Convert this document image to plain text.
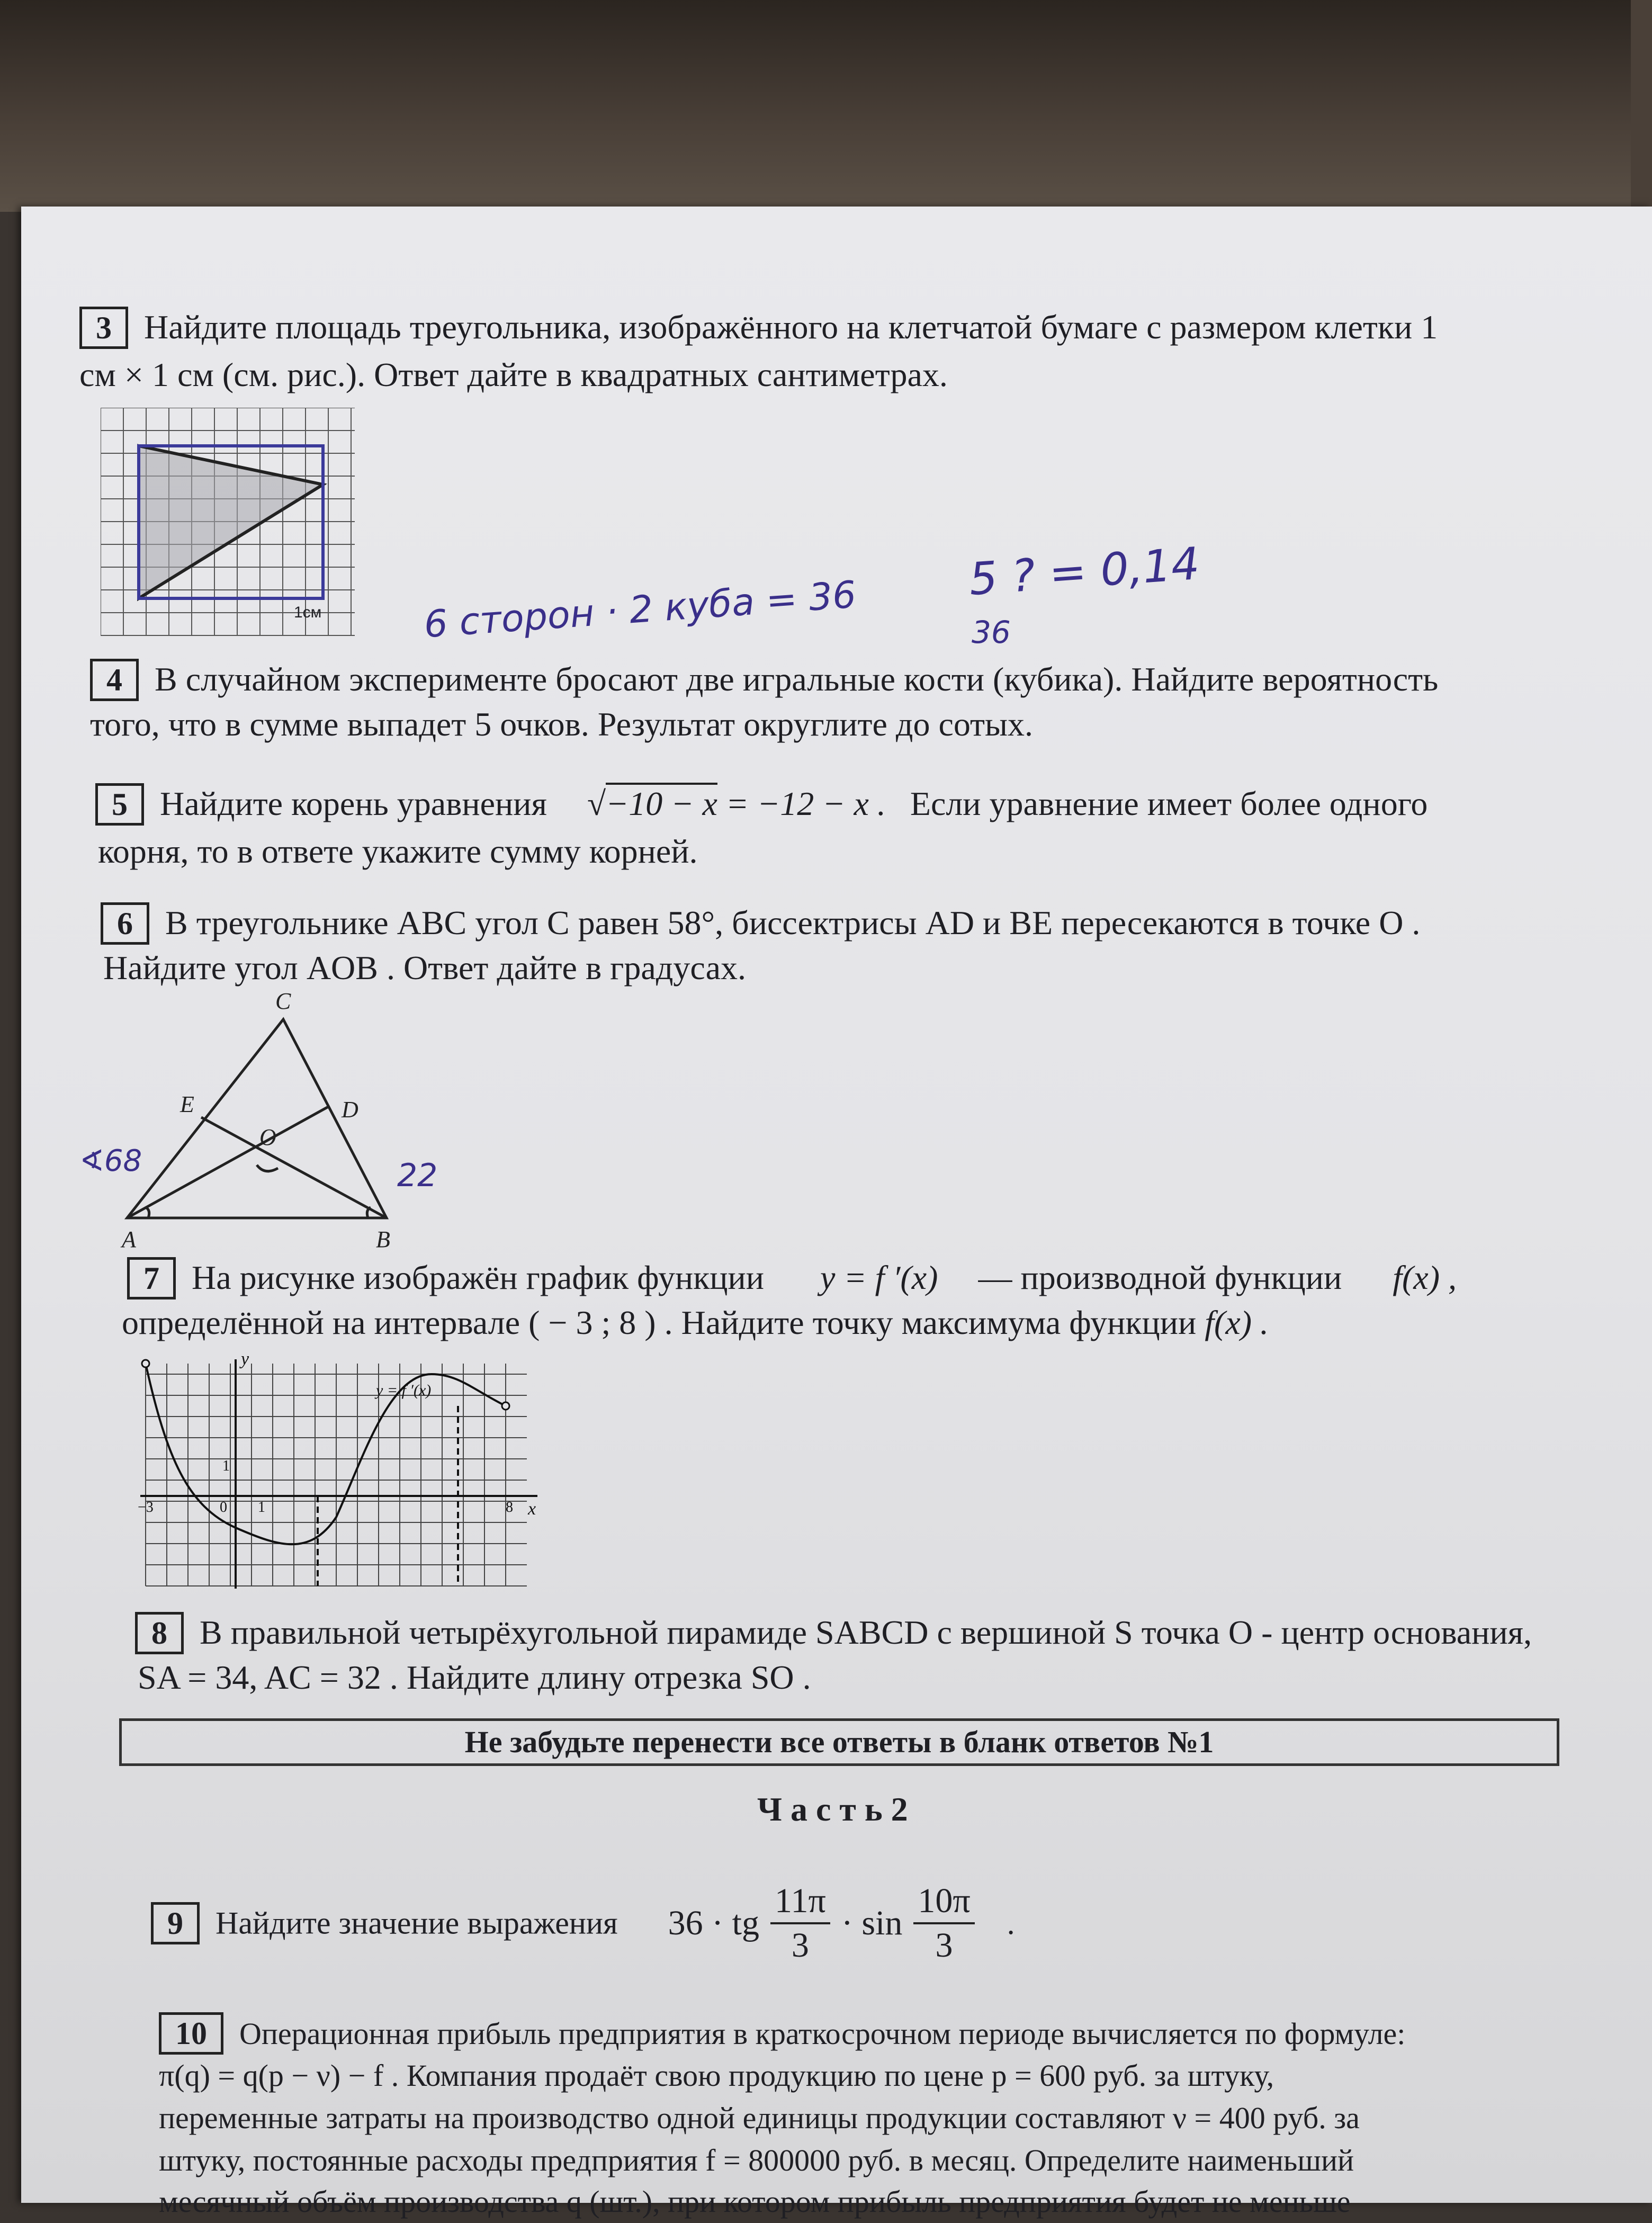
3 Найдите площадь треугольника, изображённого на клетчатой бумаге с размером клетки 1
см × 1 см (см. рис.). Ответ дайте в квадратных сантиметрах.
1см	6 сторон · 2 куба = 36
5 ? = 0,14
36
4 В случайном эксперименте бросают две игральные кости (кубика). Найдите вероятность
того, что в сумме выпадет 5 очков. Результат округлите до сотых.
5 Найдите корень уравнения √−10 − x = −12 − x . Если уравнение имеет более одного
корня, то в ответе укажите сумму корней.
6 В треугольнике ABC угол C равен 58°, биссектрисы AD и BE пересекаются в точке O .
Найдите угол AOB . Ответ дайте в градусах.
C
E	D
O
A	B
∢68	22
7 На рисунке изображён график функции y = f ′(x) — производной функции f(x) ,
определённой на интервале ( − 3 ; 8 ) . Найдите точку максимума функции f(x) .
y
x
y = f ′(x)
−3	0 1
1
8
8 В правильной четырёхугольной пирамиде SABCD с вершиной S точка O - центр основания,
SA = 34, AC = 32 . Найдите длину отрезка SO .
Не забудьте перенести все ответы в бланк ответов №1
Ч а с т ь 2
9 Найдите значение выражения 36 · tg $\frac{11\pi}{3} \cdot \sin \frac{10\pi}{3}$ .
10 Операционная прибыль предприятия в краткосрочном периоде вычисляется по формуле:
π(q) = q(p − ν) − f . Компания продаёт свою продукцию по цене p = 600 руб. за штуку,
переменные затраты на производство одной единицы продукции составляют ν = 400 руб. за
штуку, постоянные расходы предприятия f = 800000 руб. в месяц. Определите наименьший
месячный объём производства q (шт.), при котором прибыль предприятия будет не меньше
